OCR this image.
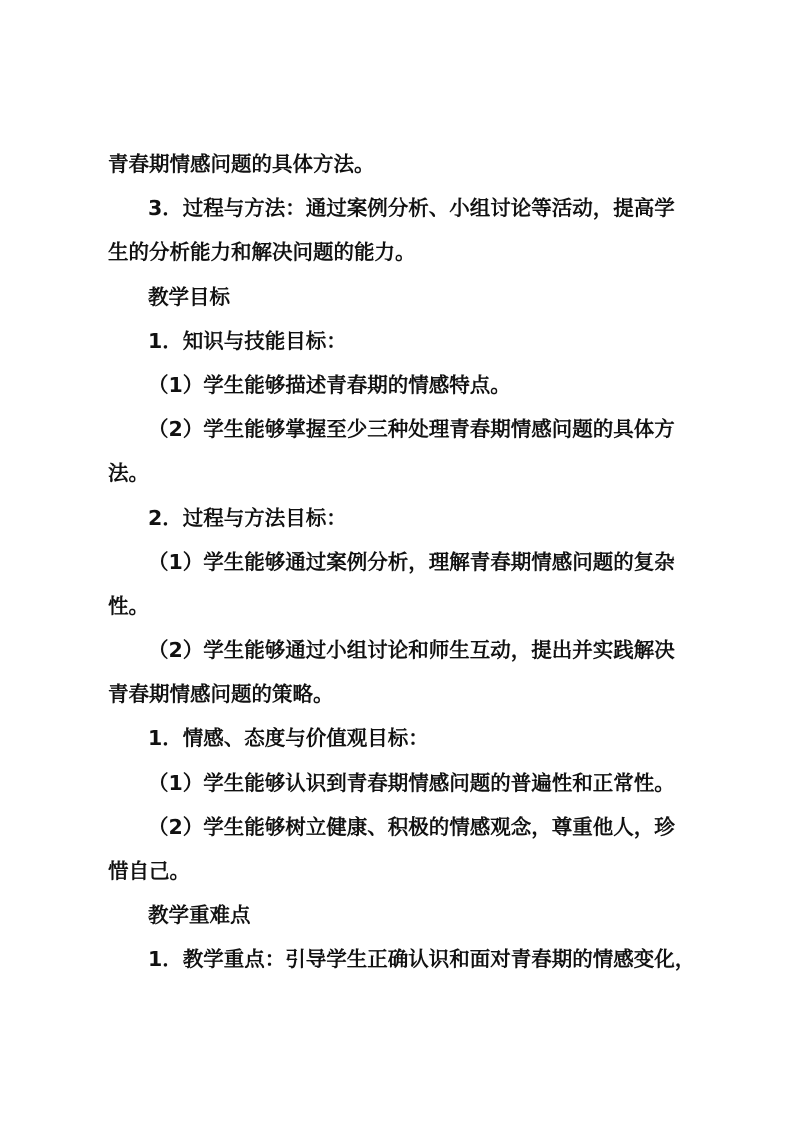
青春期情感问题的具体方法。
3．过程与方法：通过案例分析、小组讨论等活动，提高学
生的分析能力和解决问题的能力。
教学目标
1．知识与技能目标：
（1）学生能够描述青春期的情感特点。
（2）学生能够掌握至少三种处理青春期情感问题的具体方
法。
2．过程与方法目标：
（1）学生能够通过案例分析，理解青春期情感问题的复杂
性。
（2）学生能够通过小组讨论和师生互动，提出并实践解决
青春期情感问题的策略。
1．情感、态度与价值观目标：
（1）学生能够认识到青春期情感问题的普遍性和正常性。
（2）学生能够树立健康、积极的情感观念，尊重他人，珍
惜自己。
教学重难点
1．教学重点：引导学生正确认识和面对青春期的情感变化，
